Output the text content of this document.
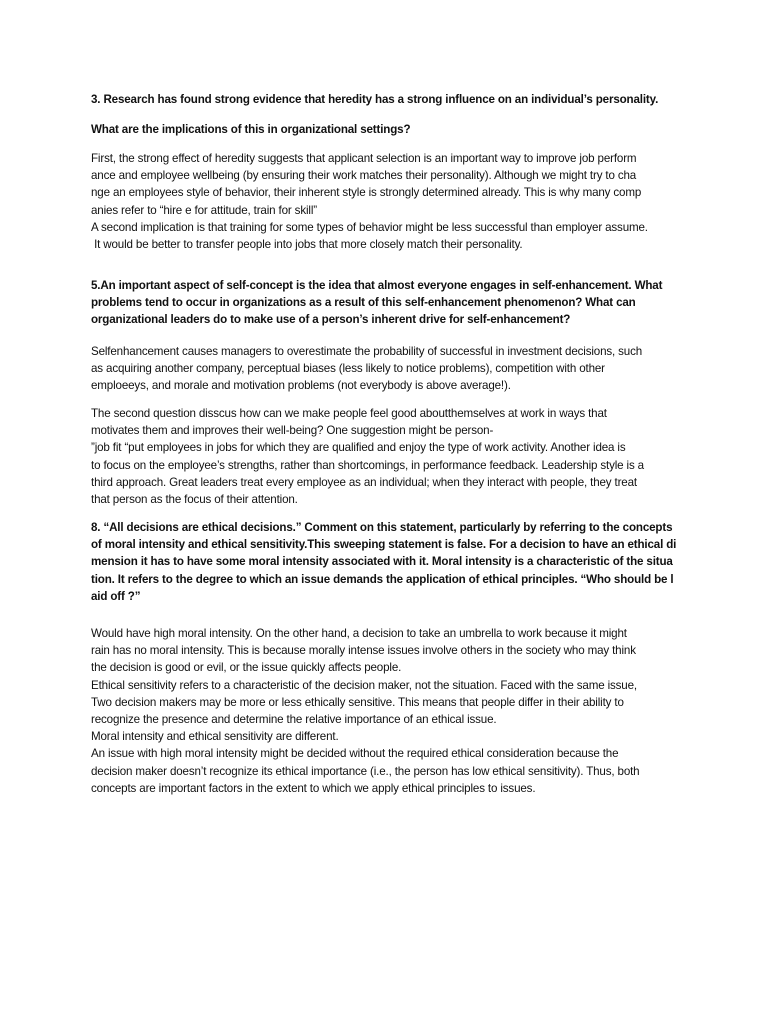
3. Research has found strong evidence that heredity has a strong influence on an individual’s personality.
What are the implications of this in organizational settings?
First, the strong effect of heredity suggests that applicant selection is an important way to improve job perform
ance and employee wellbeing (by ensuring their work matches their personality). Although we might try to cha
nge an employees style of behavior, their inherent style is strongly determined already. This is why many comp
anies refer to “hire e for attitude, train for skill”
A second implication is that training for some types of behavior might be less successful than employer assume.
It would be better to transfer people into jobs that more closely match their personality.
5.An important aspect of self-concept is the idea that almost everyone engages in self-enhancement. What
problems tend to occur in organizations as a result of this self-enhancement phenomenon? What can
organizational leaders do to make use of a person’s inherent drive for self-enhancement?
Selfenhancement causes managers to overestimate the probability of successful in investment decisions, such
as acquiring another company, perceptual biases (less likely to notice problems), competition with other
emploeeys, and morale and motivation problems (not everybody is above average!).
The second question disscus how can we make people feel good aboutthemselves at work in ways that
motivates them and improves their well-being? One suggestion might be person-
”job fit “put employees in jobs for which they are qualified and enjoy the type of work activity. Another idea is
to focus on the employee’s strengths, rather than shortcomings, in performance feedback. Leadership style is a
third approach. Great leaders treat every employee as an individual; when they interact with people, they treat
that person as the focus of their attention.
8. “All decisions are ethical decisions.” Comment on this statement, particularly by referring to the concepts
of moral intensity and ethical sensitivity.This sweeping statement is false. For a decision to have an ethical di
mension it has to have some moral intensity associated with it. Moral intensity is a characteristic of the situa
tion. It refers to the degree to which an issue demands the application of ethical principles. “Who should be l
aid off ?”
Would have high moral intensity. On the other hand, a decision to take an umbrella to work because it might
rain has no moral intensity. This is because morally intense issues involve others in the society who may think
the decision is good or evil, or the issue quickly affects people.
Ethical sensitivity refers to a characteristic of the decision maker, not the situation. Faced with the same issue,
Two decision makers may be more or less ethically sensitive. This means that people differ in their ability to
recognize the presence and determine the relative importance of an ethical issue.
Moral intensity and ethical sensitivity are different.
An issue with high moral intensity might be decided without the required ethical consideration because the
decision maker doesn’t recognize its ethical importance (i.e., the person has low ethical sensitivity). Thus, both
concepts are important factors in the extent to which we apply ethical principles to issues.
